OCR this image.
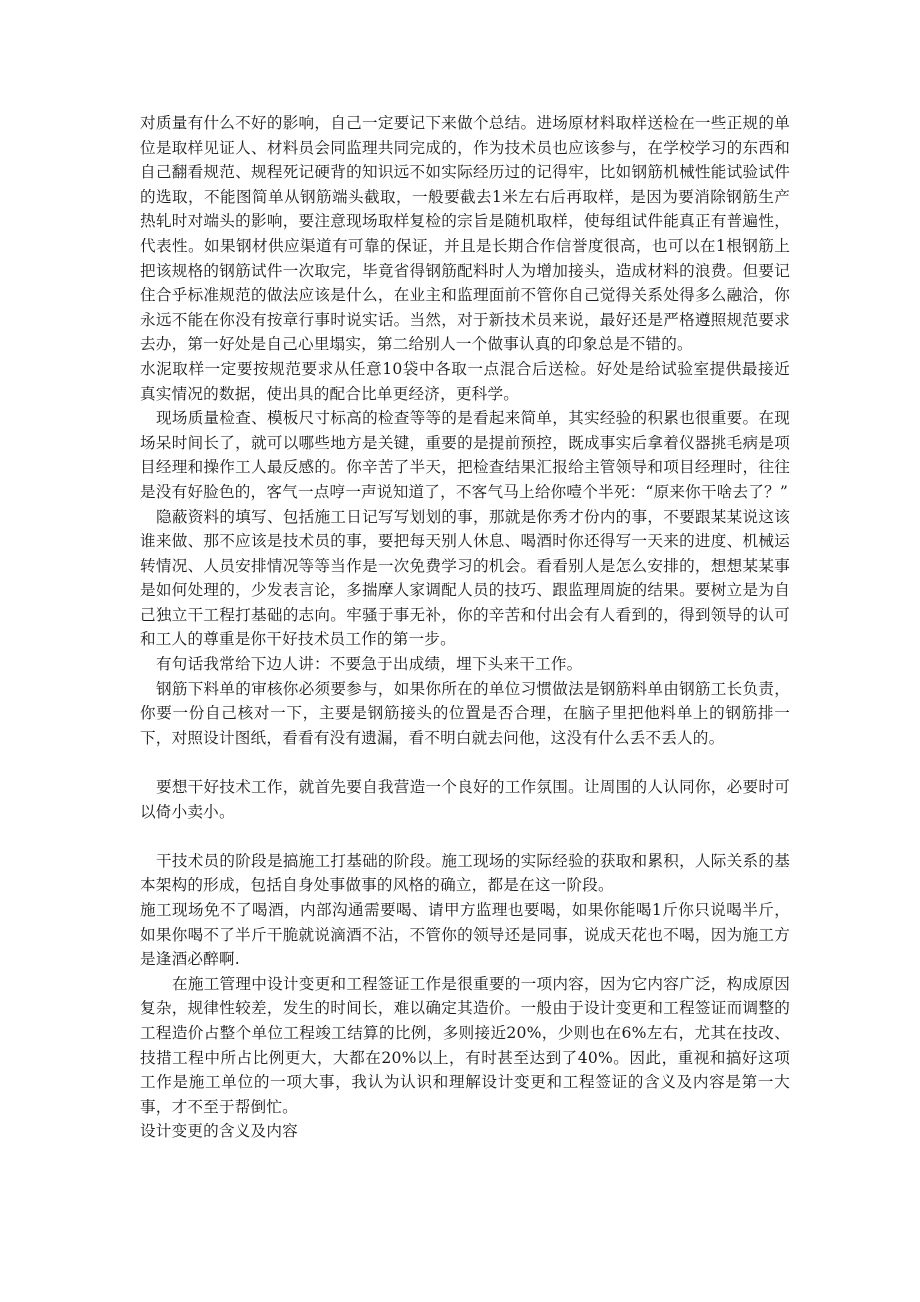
对质量有什么不好的影响，自己一定要记下来做个总结。进场原材料取样送检在一些正规的单位是取样见证人、材料员会同监理共同完成的，作为技术员也应该参与，在学校学习的东西和自己翻看规范、规程死记硬背的知识远不如实际经历过的记得牢，比如钢筋机械性能试验试件的选取，不能图简单从钢筋端头截取，一般要截去1米左右后再取样，是因为要消除钢筋生产热轧时对端头的影响，要注意现场取样复检的宗旨是随机取样，使每组试件能真正有普遍性，代表性。如果钢材供应渠道有可靠的保证，并且是长期合作信誉度很高，也可以在1根钢筋上把该规格的钢筋试件一次取完，毕竟省得钢筋配料时人为增加接头，造成材料的浪费。但要记住合乎标准规范的做法应该是什么，在业主和监理面前不管你自己觉得关系处得多么融洽，你永远不能在你没有按章行事时说实话。当然，对于新技术员来说，最好还是严格遵照规范要求去办，第一好处是自己心里塌实，第二给别人一个做事认真的印象总是不错的。

水泥取样一定要按规范要求从任意10袋中各取一点混合后送检。好处是给试验室提供最接近真实情况的数据，使出具的配合比单更经济，更科学。

现场质量检查、模板尺寸标高的检查等等的是看起来简单，其实经验的积累也很重要。在现场呆时间长了，就可以哪些地方是关键，重要的是提前预控，既成事实后拿着仪器挑毛病是项目经理和操作工人最反感的。你辛苦了半天，把检查结果汇报给主管领导和项目经理时，往往是没有好脸色的，客气一点哼一声说知道了，不客气马上给你噎个半死：“原来你干啥去了？”

隐蔽资料的填写、包括施工日记写写划划的事，那就是你秀才份内的事，不要跟某某说这该谁来做、那不应该是技术员的事，要把每天别人休息、喝酒时你还得写一天来的进度、机械运转情况、人员安排情况等等当作是一次免费学习的机会。看看别人是怎么安排的，想想某某事是如何处理的，少发表言论，多揣摩人家调配人员的技巧、跟监理周旋的结果。要树立是为自己独立干工程打基础的志向。牢骚于事无补，你的辛苦和付出会有人看到的，得到领导的认可和工人的尊重是你干好技术员工作的第一步。

有句话我常给下边人讲：不要急于出成绩，埋下头来干工作。

钢筋下料单的审核你必须要参与，如果你所在的单位习惯做法是钢筋料单由钢筋工长负责，你要一份自己核对一下，主要是钢筋接头的位置是否合理，在脑子里把他料单上的钢筋排一下，对照设计图纸，看看有没有遗漏，看不明白就去问他，这没有什么丢不丢人的。

要想干好技术工作，就首先要自我营造一个良好的工作氛围。让周围的人认同你，必要时可以倚小卖小。

干技术员的阶段是搞施工打基础的阶段。施工现场的实际经验的获取和累积，人际关系的基本架构的形成，包括自身处事做事的风格的确立，都是在这一阶段。

施工现场免不了喝酒，内部沟通需要喝、请甲方监理也要喝，如果你能喝1斤你只说喝半斤，如果你喝不了半斤干脆就说滴酒不沾，不管你的领导还是同事，说成天花也不喝，因为施工方是逢酒必醉啊.

在施工管理中设计变更和工程签证工作是很重要的一项内容，因为它内容广泛，构成原因复杂，规律性较差，发生的时间长，难以确定其造价。一般由于设计变更和工程签证而调整的工程造价占整个单位工程竣工结算的比例，多则接近20%，少则也在6%左右，尤其在技改、技措工程中所占比例更大，大都在20%以上，有时甚至达到了40%。因此，重视和搞好这项工作是施工单位的一项大事，我认为认识和理解设计变更和工程签证的含义及内容是第一大事，才不至于帮倒忙。

设计变更的含义及内容
